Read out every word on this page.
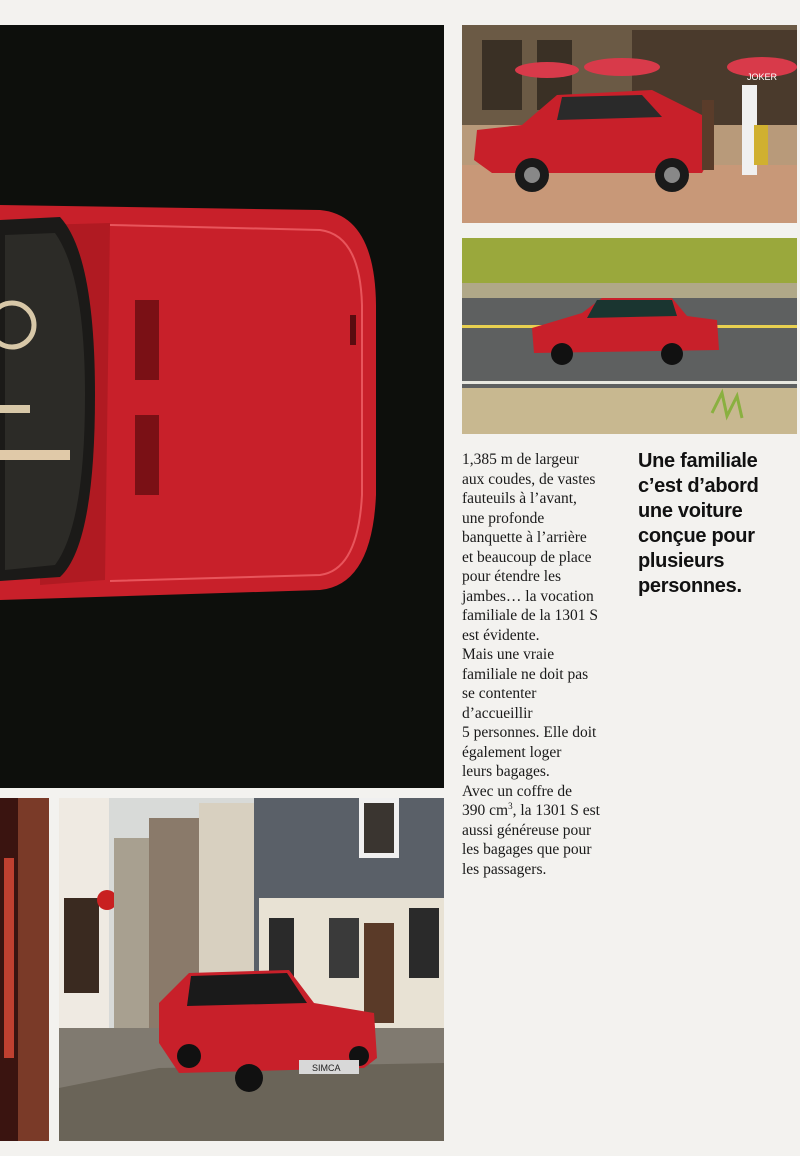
JOKER
SIMCA
1,385 m de largeur
aux coudes, de vastes
fauteuils à l’avant,
une profonde
banquette à l’arrière
et beaucoup de place
pour étendre les
jambes… la vocation
familiale de la 1301 S
est évidente.
Mais une vraie
familiale ne doit pas
se contenter
d’accueillir
5 personnes. Elle doit
également loger
leurs bagages.
Avec un coffre de
390 $cm^3$, la 1301 S est
aussi généreuse pour
les bagages que pour
les passagers.
Une familiale
c’est d’abord
une voiture
conçue pour
plusieurs
personnes.
